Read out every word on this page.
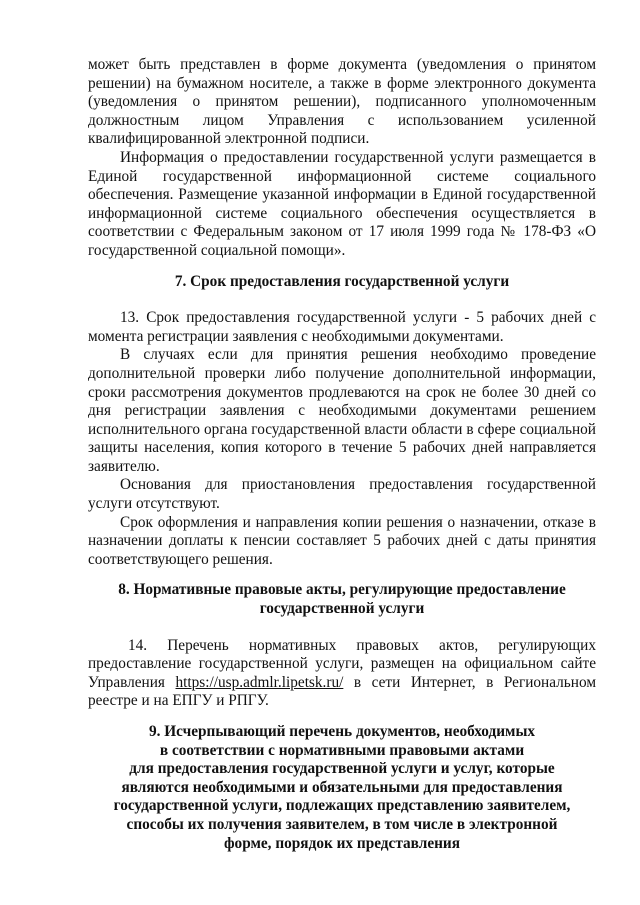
может быть представлен в форме документа (уведомления о принятом решении) на бумажном носителе, а также в форме электронного документа (уведомления о принятом решении), подписанного уполномоченным должностным лицом Управления с использованием усиленной квалифицированной электронной подписи.

Информация о предоставлении государственной услуги размещается в Единой государственной информационной системе социального обеспечения. Размещение указанной информации в Единой государственной информационной системе социального обеспечения осуществляется в соответствии с Федеральным законом от 17 июля 1999 года № 178-ФЗ «О государственной социальной помощи».

7. Срок предоставления государственной услуги

13. Срок предоставления государственной услуги - 5 рабочих дней с момента регистрации заявления с необходимыми документами.

В случаях если для принятия решения необходимо проведение дополнительной проверки либо получение дополнительной информации, сроки рассмотрения документов продлеваются на срок не более 30 дней со дня регистрации заявления с необходимыми документами решением исполнительного органа государственной власти области в сфере социальной защиты населения, копия которого в течение 5 рабочих дней направляется заявителю.

Основания для приостановления предоставления государственной услуги отсутствуют.

Срок оформления и направления копии решения о назначении, отказе в назначении доплаты к пенсии составляет 5 рабочих дней с даты принятия соответствующего решения.

8. Нормативные правовые акты, регулирующие предоставление
государственной услуги

14. Перечень нормативных правовых актов, регулирующих предоставление государственной услуги, размещен на официальном сайте Управления https://usp.admlr.lipetsk.ru/ в сети Интернет, в Региональном реестре и на ЕПГУ и РПГУ.

9. Исчерпывающий перечень документов, необходимых
в соответствии с нормативными правовыми актами
для предоставления государственной услуги и услуг, которые
являются необходимыми и обязательными для предоставления
государственной услуги, подлежащих представлению заявителем,
способы их получения заявителем, в том числе в электронной
форме, порядок их представления
